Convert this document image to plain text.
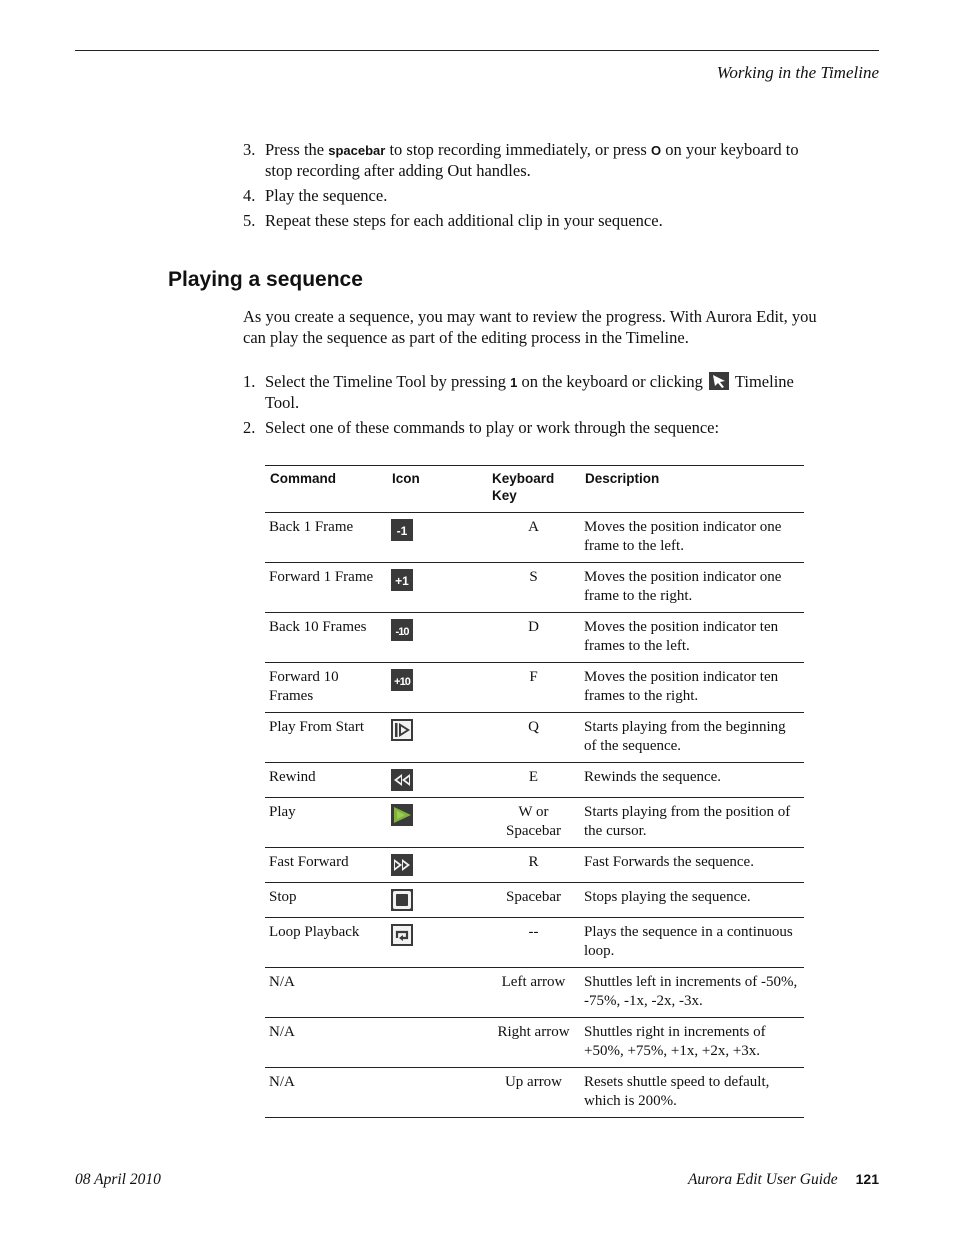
Working in the Timeline
3. Press the spacebar to stop recording immediately, or press O on your keyboard to stop recording after adding Out handles.
4. Play the sequence.
5. Repeat these steps for each additional clip in your sequence.
Playing a sequence

As you create a sequence, you may want to review the progress. With Aurora Edit, you can play the sequence as part of the editing process in the Timeline.

1. Select the Timeline Tool by pressing 1 on the keyboard or clicking  Timeline Tool.
2. Select one of these commands to play or work through the sequence:
Command	Icon	Keyboard Key	Description
Back 1 Frame	-1	A	Moves the position indicator one frame to the left.
Forward 1 Frame	+1	S	Moves the position indicator one frame to the right.
Back 10 Frames	-10	D	Moves the position indicator ten frames to the left.
Forward 10 Frames	+10	F	Moves the position indicator ten frames to the right.
Play From Start		Q	Starts playing from the beginning of the sequence.
Rewind		E	Rewinds the sequence.
Play		W or Spacebar	Starts playing from the position of the cursor.
Fast Forward		R	Fast Forwards the sequence.
Stop		Spacebar	Stops playing the sequence.
Loop Playback		--	Plays the sequence in a continuous loop.
N/A		Left arrow	Shuttles left in increments of -50%, -75%, -1x, -2x, -3x.
N/A		Right arrow	Shuttles right in increments of +50%, +75%, +1x, +2x, +3x.
N/A		Up arrow	Resets shuttle speed to default, which is 200%.
08 April 2010	Aurora Edit User Guide 121
